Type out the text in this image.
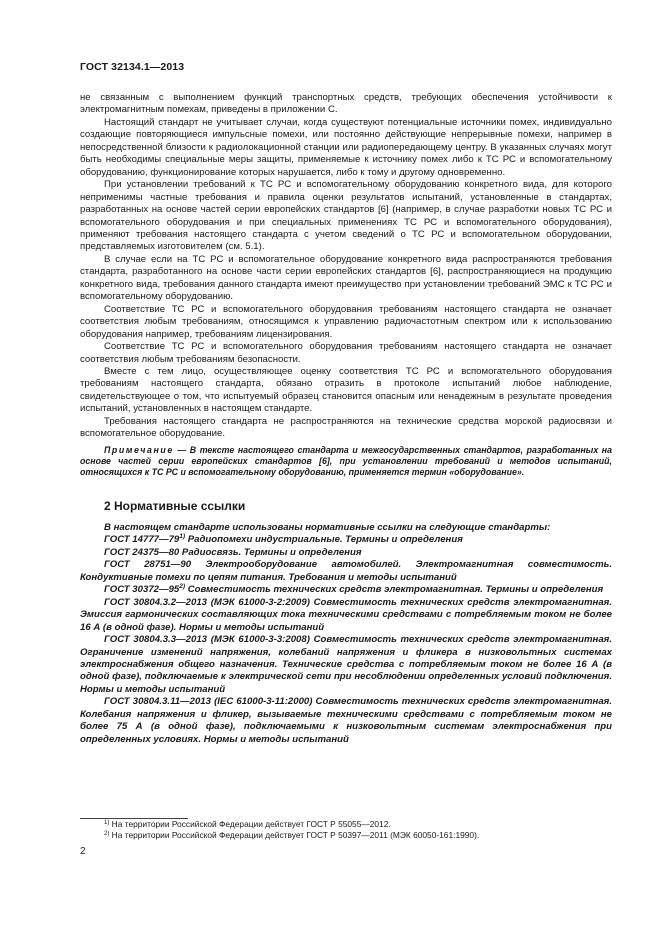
ГОСТ 32134.1—2013

не связанным с выполнением функций транспортных средств, требующих обеспечения устойчивости к электромагнитным помехам, приведены в приложении С.

Настоящий стандарт не учитывает случаи, когда существуют потенциальные источники помех, индивидуально создающие повторяющиеся импульсные помехи, или постоянно действующие непрерывные помехи, например в непосредственной близости к радиолокационной станции или радиопередающему центру. В указанных случаях могут быть необходимы специальные меры защиты, применяемые к источнику помех либо к ТС РС и вспомогательному оборудованию, функционирование которых нарушается, либо к тому и другому одновременно.

При установлении требований к ТС РС и вспомогательному оборудованию конкретного вида, для которого неприменимы частные требования и правила оценки результатов испытаний, установленные в стандартах, разработанных на основе частей серии европейских стандартов [6] (например, в случае разработки новых ТС РС и вспомогательного оборудования и при специальных применениях ТС РС и вспомогательного оборудования), применяют требования настоящего стандарта с учетом сведений о ТС РС и вспомогательном оборудовании, представляемых изготовителем (см. 5.1).

В случае если на ТС РС и вспомогательное оборудование конкретного вида распространяются требования стандарта, разработанного на основе части серии европейских стандартов [6], распространяющиеся на продукцию конкретного вида, требования данного стандарта имеют преимущество при установлении требований ЭМС к ТС РС и вспомогательному оборудованию.

Соответствие ТС РС и вспомогательного оборудования требованиям настоящего стандарта не означает соответствия любым требованиям, относящимся к управлению радиочастотным спектром или к использованию оборудования например, требованиям лицензирования.

Соответствие ТС РС и вспомогательного оборудования требованиям настоящего стандарта не означает соответствия любым требованиям безопасности.

Вместе с тем лицо, осуществляющее оценку соответствия ТС РС и вспомогательного оборудования требованиям настоящего стандарта, обязано отразить в протоколе испытаний любое наблюдение, свидетельствующее о том, что испытуемый образец становится опасным или ненадежным в результате проведения испытаний, установленных в настоящем стандарте.

Требования настоящего стандарта не распространяются на технические средства морской радиосвязи и вспомогательное оборудование.

Примечание — В тексте настоящего стандарта и межгосударственных стандартов, разработанных на основе частей серии европейских стандартов [6], при установлении требований и методов испытаний, относящихся к ТС РС и вспомогательному оборудованию, применяется термин «оборудование».

2 Нормативные ссылки

В настоящем стандарте использованы нормативные ссылки на следующие стандарты:

ГОСТ 14777—79$^{1)}$ Радиопомехи индустриальные. Термины и определения

ГОСТ 24375—80 Радиосвязь. Термины и определения

ГОСТ 28751—90 Электрооборудование автомобилей. Электромагнитная совместимость. Кондуктивные помехи по цепям питания. Требования и методы испытаний

ГОСТ 30372—95$^{2)}$ Совместимость технических средств электромагнитная. Термины и определения

ГОСТ 30804.3.2—2013 (МЭК 61000-3-2:2009) Совместимость технических средств электромагнитная. Эмиссия гармонических составляющих тока техническими средствами с потребляемым током не более 16 А (в одной фазе). Нормы и методы испытаний

ГОСТ 30804.3.3—2013 (МЭК 61000-3-3:2008) Совместимость технических средств электромагнитная. Ограничение изменений напряжения, колебаний напряжения и фликера в низковольтных системах электроснабжения общего назначения. Технические средства с потребляемым током не более 16 А (в одной фазе), подключаемые к электрической сети при несоблюдении определенных условий подключения. Нормы и методы испытаний

ГОСТ 30804.3.11—2013 (IEC 61000-3-11:2000) Совместимость технических средств электромагнитная. Колебания напряжения и фликер, вызываемые техническими средствами с потребляемым током не более 75 А (в одной фазе), подключаемыми к низковольтным системам электроснабжения при определенных условиях. Нормы и методы испытаний

$^{1)}$ На территории Российской Федерации действует ГОСТ Р 55055—2012.

$^{2)}$ На территории Российской Федерации действует ГОСТ Р 50397—2011 (МЭК 60050-161:1990).

2
